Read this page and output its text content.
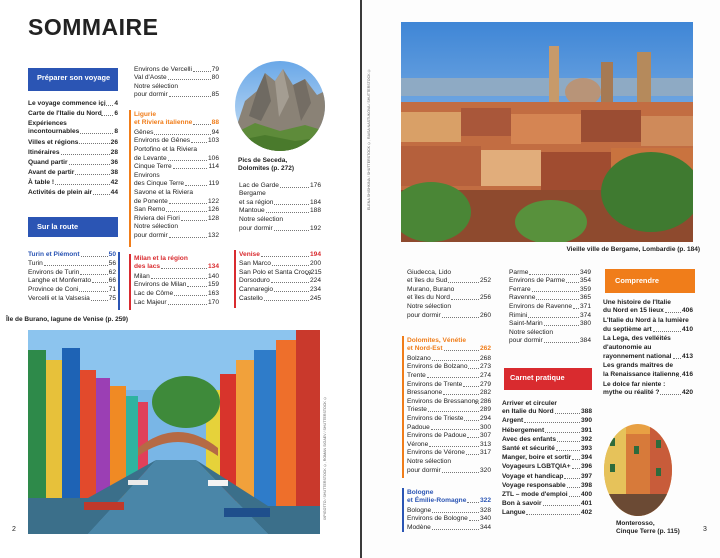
SOMMAIRE
Préparer son voyage
Le voyage commence ici 4
Carte de l'Italie du Nord 6
Expériences
incontournables	8
Villes et régions	26
Itinéraires	28
Quand partir	36
Avant de partir	38
À table !	42
Activités de plein air	44
Sur la route
Turin et Piémont	50
Turin	56
Environs de Turin	62
Langhe et Monferrato	66
Province de Coni	71
Vercelli et la Valsesia	75
Environs de Vercelli	79
Val d'Aoste	80
Notre sélection
pour dormir	85
Ligurie
et Riviera italienne	88
Gênes	94
Environs de Gênes	103
Portofino et la Riviera
de Levante	106
Cinque Terre	114
Environs
des Cinque Terre	119
Savone et la Riviera
de Ponente	122
San Remo	126
Riviera dei Fiori	128
Notre sélection
pour dormir	132
Milan et la région
des lacs	134
Milan	140
Environs de Milan	159
Lac de Côme	163
Lac Majeur	170
Pics de Seceda,
Dolomites (p. 272)
Lac de Garde	176
Bergame
et sa région	184
Mantoue	188
Notre sélection
pour dormir	192
Venise	194
San Marco	200
San Polo et Santa Croce 215
Dorsoduro	224
Cannaregio	234
Castello	245
Île de Burano, lagune de Venise (p. 259)
IXPIGOTTO / SHUTTERSTOCK ©, ROMAN SIGAEV / SHUTTERSTOCK ©
2
ELENA SHISHKINA / SHUTTERSTOCK ©, RAISA NASTUKOVA / SHUTTERSTOCK ©
Vieille ville de Bergame, Lombardie (p. 184)
Giudecca, Lido
et îles du Sud	252
Murano, Burano
et îles du Nord	256
Notre sélection
pour dormir	260
Dolomites, Vénétie
et Nord-Est	262
Bolzano	268
Environs de Bolzano 273
Trente	274
Environs de Trente	279
Bressanone	282
Environs de Bressanone 286
Trieste	289
Environs de Trieste	294
Padoue	300
Environs de Padoue 307
Vérone	313
Environs de Vérone 317
Notre sélection
pour dormir	320
Bologne
et Émilie-Romagne 322
Bologne	328
Environs de Bologne 340
Modène	344
Parme	349
Environs de Parme 354
Ferrare	359
Ravenne	365
Environs de Ravenne 371
Rimini	374
Saint-Marin	380
Notre sélection
pour dormir	384
Carnet pratique
Arriver et circuler
en Italie du Nord	388
Argent	390
Hébergement	391
Avec des enfants	392
Santé et sécurité	393
Manger, boire et sortir 394
Voyageurs LGBTQIA+ 396
Voyage et handicap	397
Voyage responsable 398
ZTL – mode d'emploi 400
Bon à savoir	401
Langue	402
Comprendre
Une histoire de l'Italie
du Nord en 15 lieux	406
L'Italie du Nord à la lumière
du septième art	410
La Lega, des velléités
d'autonomie au
rayonnement national 413
Les grands maîtres de
la Renaissance italienne 416
Le dolce far niente :
mythe ou réalité ?	420
Monterosso,
Cinque Terre (p. 115)	3
